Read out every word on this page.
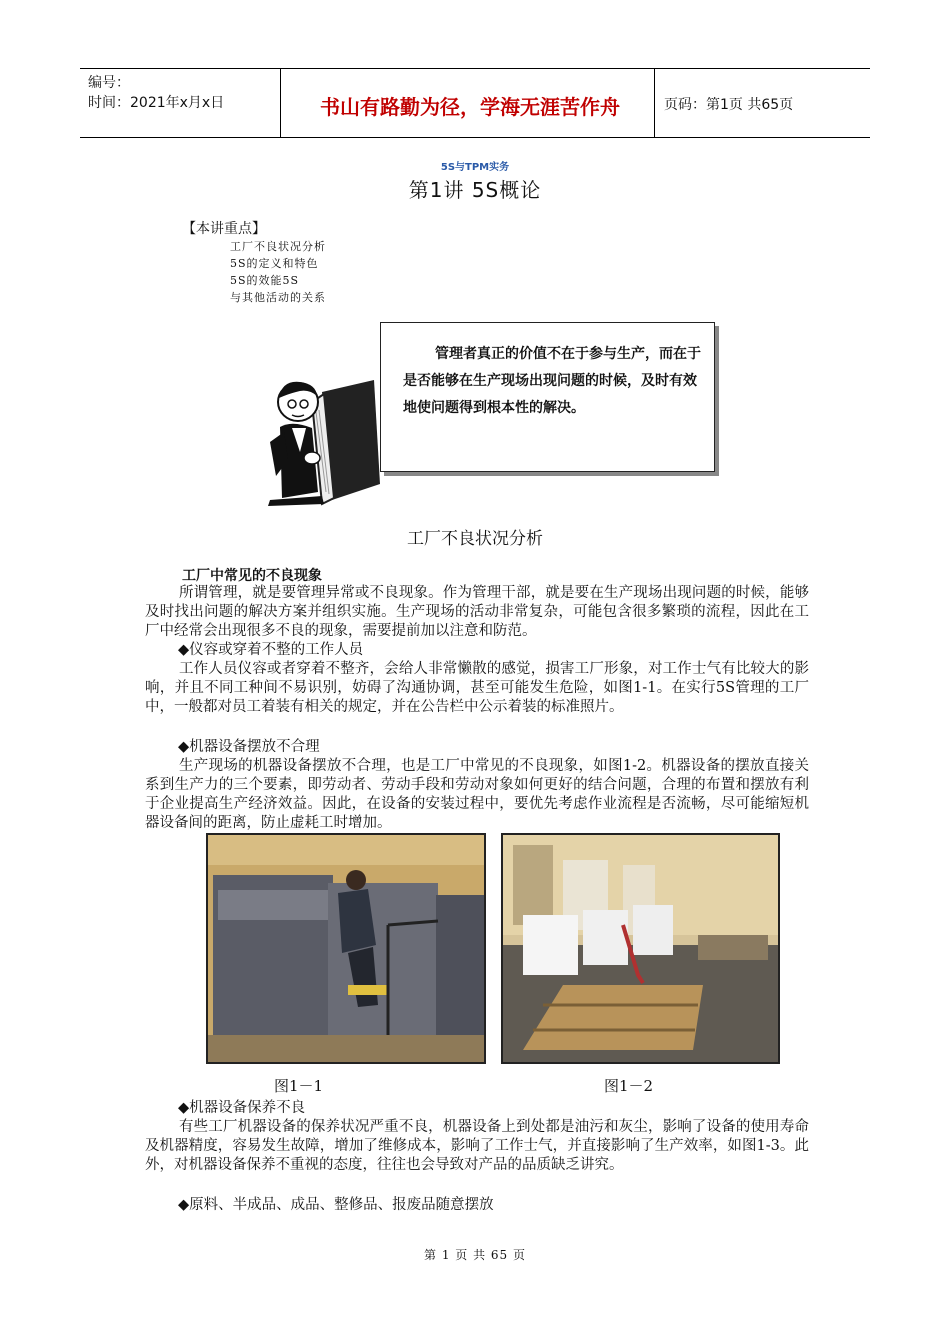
编号：
时间：2021年x月x日	书山有路勤为径，学海无涯苦作舟	页码：第1页 共65页
5S与TPM实务
第1讲 5S概论
【本讲重点】
工厂不良状况分析
5S的定义和特色
5S的效能5S
与其他活动的关系
管理者真正的价值不在于参与生产，而在于是否能够在生产现场出现问题的时候，及时有效地使问题得到根本性的解决。
工厂不良状况分析
工厂中常见的不良现象
所谓管理，就是要管理异常或不良现象。作为管理干部，就是要在生产现场出现问题的时候，能够及时找出问题的解决方案并组织实施。生产现场的活动非常复杂，可能包含很多繁琐的流程，因此在工厂中经常会出现很多不良的现象，需要提前加以注意和防范。
◆仪容或穿着不整的工作人员
工作人员仪容或者穿着不整齐，会给人非常懒散的感觉，损害工厂形象，对工作士气有比较大的影响，并且不同工种间不易识别，妨碍了沟通协调，甚至可能发生危险，如图1-1。在实行5S管理的工厂中，一般都对员工着装有相关的规定，并在公告栏中公示着装的标准照片。
◆机器设备摆放不合理
生产现场的机器设备摆放不合理，也是工厂中常见的不良现象，如图1-2。机器设备的摆放直接关系到生产力的三个要素，即劳动者、劳动手段和劳动对象如何更好的结合问题，合理的布置和摆放有利于企业提高生产经济效益。因此，在设备的安装过程中，要优先考虑作业流程是否流畅，尽可能缩短机器设备间的距离，防止虚耗工时增加。
图1－1	图1－2
◆机器设备保养不良
有些工厂机器设备的保养状况严重不良，机器设备上到处都是油污和灰尘，影响了设备的使用寿命及机器精度，容易发生故障，增加了维修成本，影响了工作士气，并直接影响了生产效率，如图1-3。此外，对机器设备保养不重视的态度，往往也会导致对产品的品质缺乏讲究。
◆原料、半成品、成品、整修品、报废品随意摆放
第 1 页 共 65 页
